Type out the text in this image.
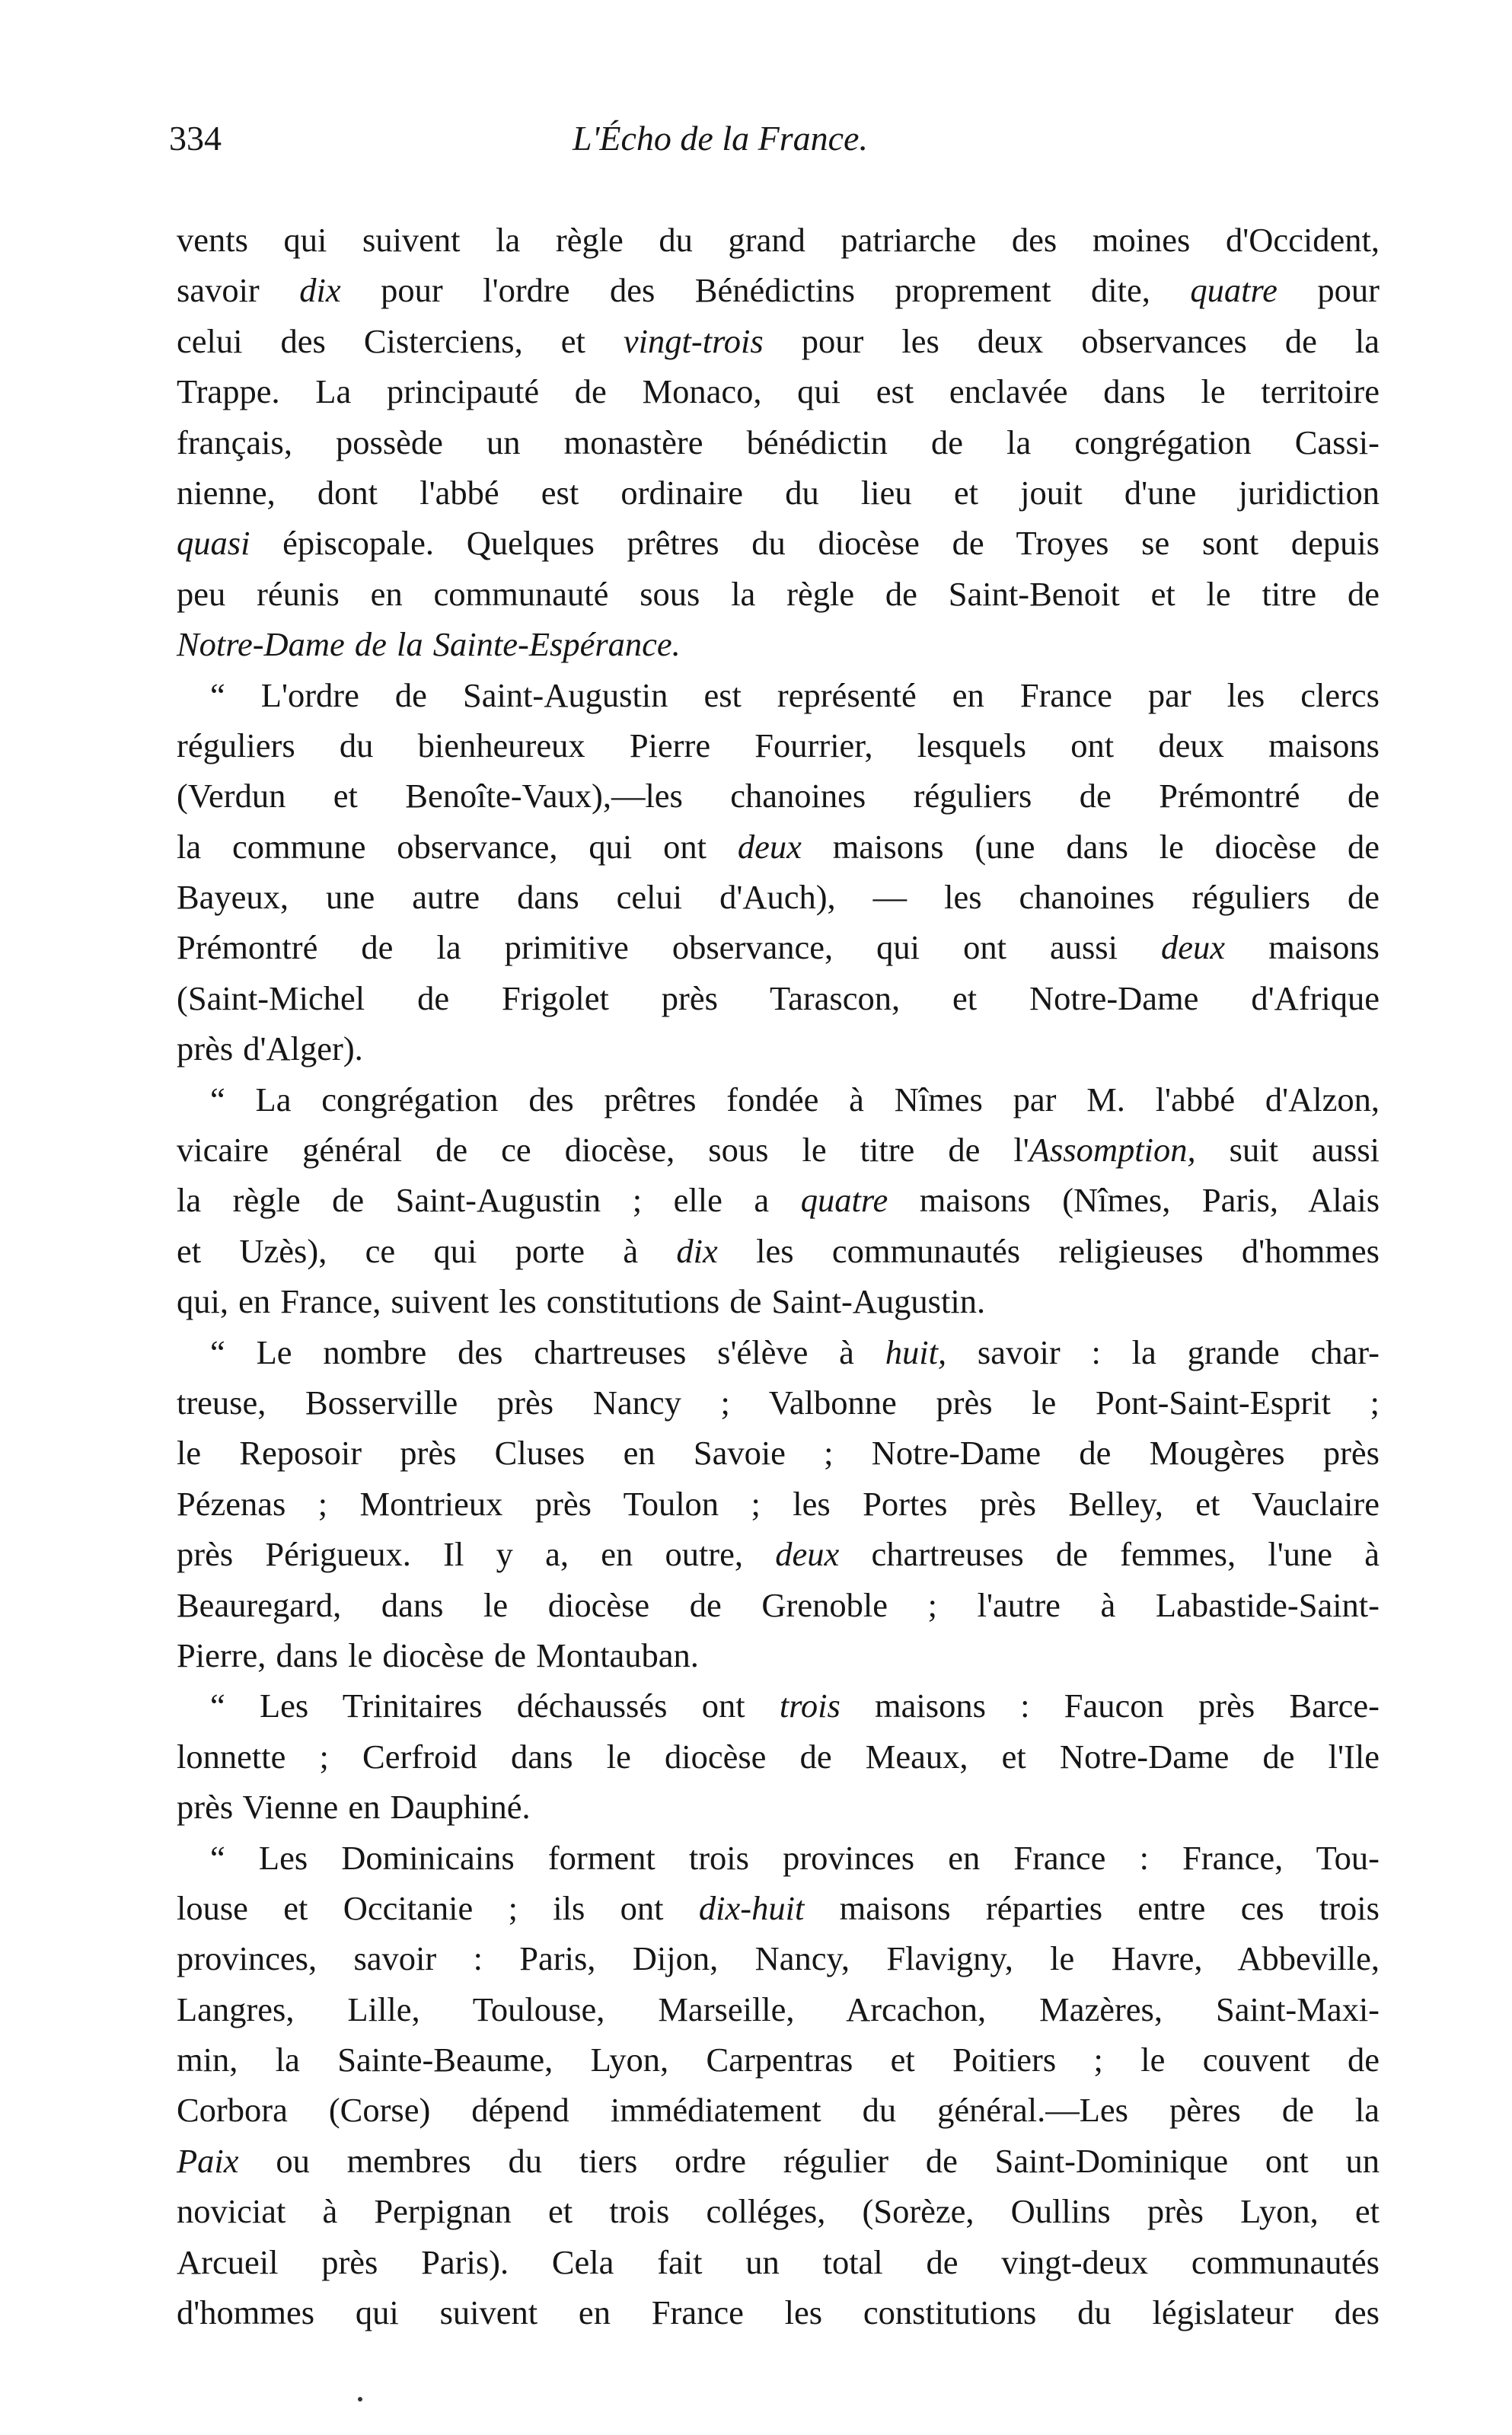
334	L'Écho de la France.
vents qui suivent la règle du grand patriarche des moines d'Occident,
savoir dix pour l'ordre des Bénédictins proprement dite, quatre pour
celui des Cisterciens, et vingt-trois pour les deux observances de la
Trappe. La principauté de Monaco, qui est enclavée dans le territoire
français, possède un monastère bénédictin de la congrégation Cassi-
nienne, dont l'abbé est ordinaire du lieu et jouit d'une juridiction
quasi épiscopale. Quelques prêtres du diocèse de Troyes se sont depuis
peu réunis en communauté sous la règle de Saint-Benoit et le titre de
Notre-Dame de la Sainte-Espérance.
“ L'ordre de Saint-Augustin est représenté en France par les clercs
réguliers du bienheureux Pierre Fourrier, lesquels ont deux maisons
(Verdun et Benoîte-Vaux),—les chanoines réguliers de Prémontré de
la commune observance, qui ont deux maisons (une dans le diocèse de
Bayeux, une autre dans celui d'Auch), — les chanoines réguliers de
Prémontré de la primitive observance, qui ont aussi deux maisons
(Saint-Michel de Frigolet près Tarascon, et Notre-Dame d'Afrique
près d'Alger).
“ La congrégation des prêtres fondée à Nîmes par M. l'abbé d'Alzon,
vicaire général de ce diocèse, sous le titre de l'Assomption, suit aussi
la règle de Saint-Augustin ; elle a quatre maisons (Nîmes, Paris, Alais
et Uzès), ce qui porte à dix les communautés religieuses d'hommes
qui, en France, suivent les constitutions de Saint-Augustin.
“ Le nombre des chartreuses s'élève à huit, savoir : la grande char-
treuse, Bosserville près Nancy ; Valbonne près le Pont-Saint-Esprit ;
le Reposoir près Cluses en Savoie ; Notre-Dame de Mougères près
Pézenas ; Montrieux près Toulon ; les Portes près Belley, et Vauclaire
près Périgueux. Il y a, en outre, deux chartreuses de femmes, l'une à
Beauregard, dans le diocèse de Grenoble ; l'autre à Labastide-Saint-
Pierre, dans le diocèse de Montauban.
“ Les Trinitaires déchaussés ont trois maisons : Faucon près Barce-
lonnette ; Cerfroid dans le diocèse de Meaux, et Notre-Dame de l'Ile
près Vienne en Dauphiné.
“ Les Dominicains forment trois provinces en France : France, Tou-
louse et Occitanie ; ils ont dix-huit maisons réparties entre ces trois
provinces, savoir : Paris, Dijon, Nancy, Flavigny, le Havre, Abbeville,
Langres, Lille, Toulouse, Marseille, Arcachon, Mazères, Saint-Maxi-
min, la Sainte-Beaume, Lyon, Carpentras et Poitiers ; le couvent de
Corbora (Corse) dépend immédiatement du général.—Les pères de la
Paix ou membres du tiers ordre régulier de Saint-Dominique ont un
noviciat à Perpignan et trois colléges, (Sorèze, Oullins près Lyon, et
Arcueil près Paris). Cela fait un total de vingt-deux communautés
d'hommes qui suivent en France les constitutions du législateur des
